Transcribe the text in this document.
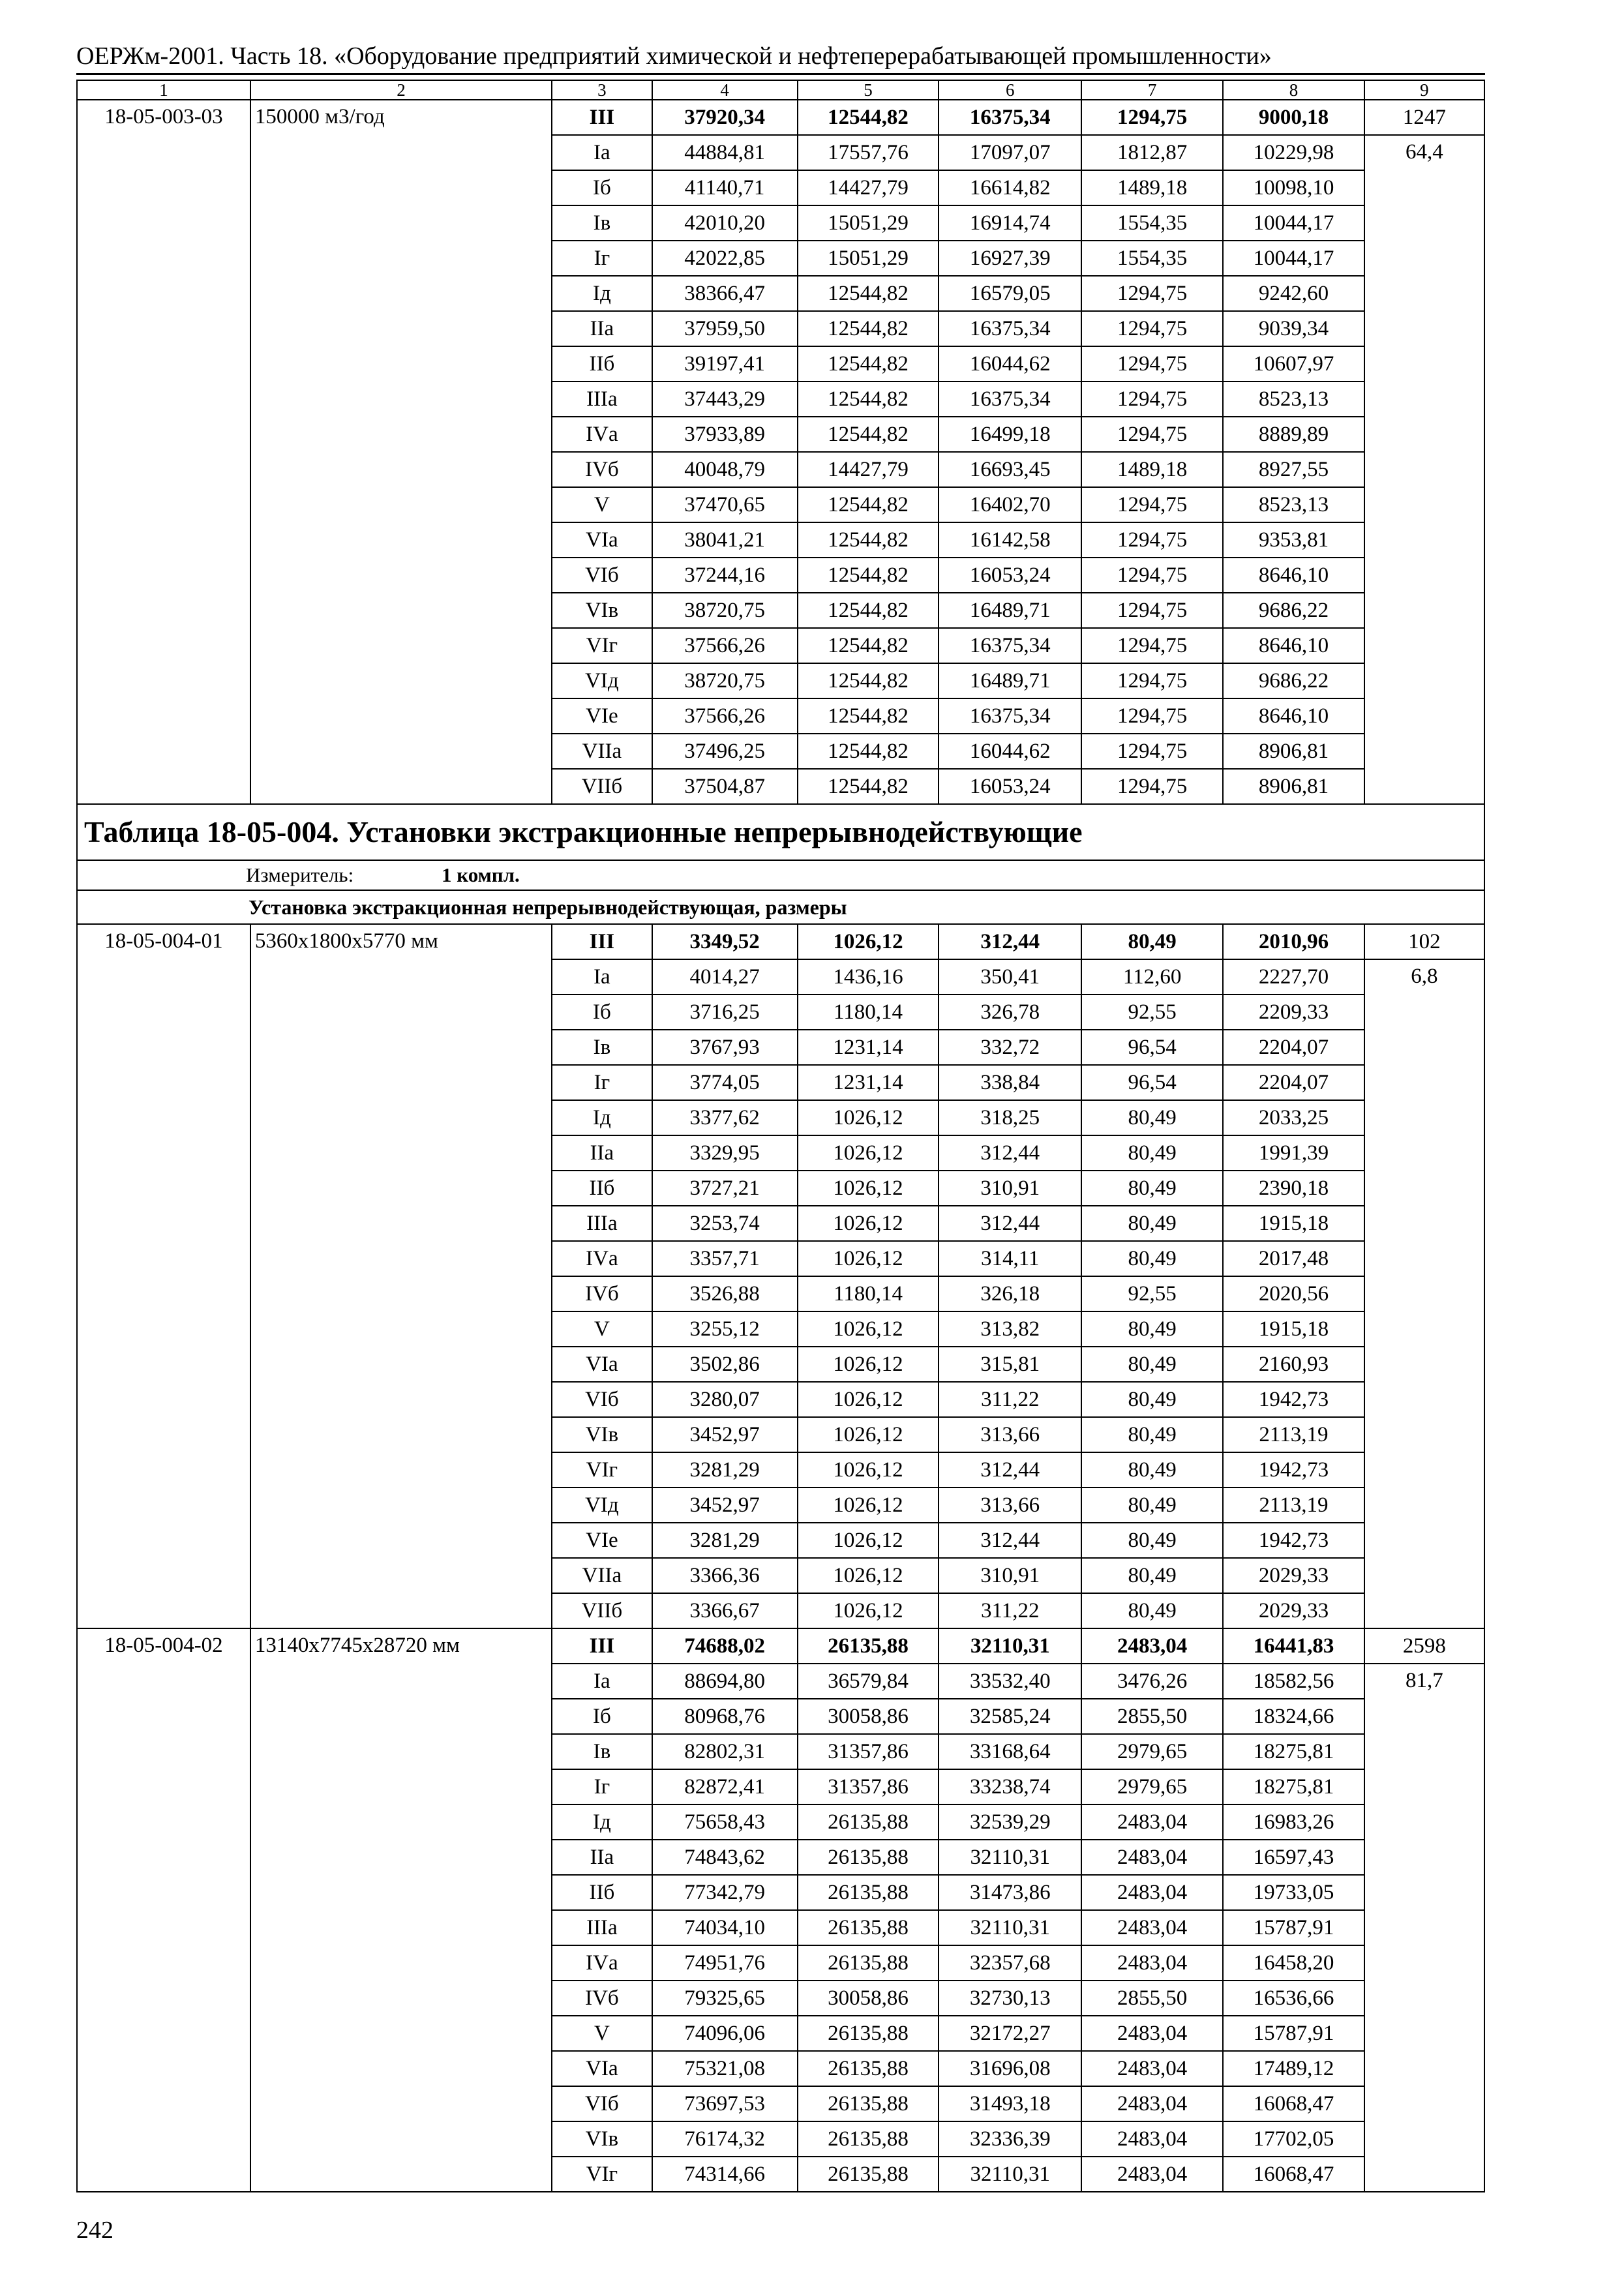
ОЕРЖм-2001. Часть 18. «Оборудование предприятий химической и нефтеперерабатывающей промышленности»
1	2	3	4	5	6	7	8	9
18-05-003-03	150000 м3/год	III	37920,34	12544,82	16375,34	1294,75	9000,18	1247
		Iа	44884,81	17557,76	17097,07	1812,87	10229,98	64,4
		Iб	41140,71	14427,79	16614,82	1489,18	10098,10	
		Iв	42010,20	15051,29	16914,74	1554,35	10044,17	
		Iг	42022,85	15051,29	16927,39	1554,35	10044,17	
		Iд	38366,47	12544,82	16579,05	1294,75	9242,60	
		IIа	37959,50	12544,82	16375,34	1294,75	9039,34	
		IIб	39197,41	12544,82	16044,62	1294,75	10607,97	
		IIIа	37443,29	12544,82	16375,34	1294,75	8523,13	
		IVа	37933,89	12544,82	16499,18	1294,75	8889,89	
		IVб	40048,79	14427,79	16693,45	1489,18	8927,55	
		V	37470,65	12544,82	16402,70	1294,75	8523,13	
		VIа	38041,21	12544,82	16142,58	1294,75	9353,81	
		VIб	37244,16	12544,82	16053,24	1294,75	8646,10	
		VIв	38720,75	12544,82	16489,71	1294,75	9686,22	
		VIг	37566,26	12544,82	16375,34	1294,75	8646,10	
		VIд	38720,75	12544,82	16489,71	1294,75	9686,22	
		VIе	37566,26	12544,82	16375,34	1294,75	8646,10	
		VIIа	37496,25	12544,82	16044,62	1294,75	8906,81	
		VIIб	37504,87	12544,82	16053,24	1294,75	8906,81	
Таблица 18-05-004. Установки экстракционные непрерывнодействующие								
Измеритель: 1 компл.								
Установка экстракционная непрерывнодействующая, размеры								
18-05-004-01	5360х1800х5770 мм	III	3349,52	1026,12	312,44	80,49	2010,96	102
		Iа	4014,27	1436,16	350,41	112,60	2227,70	6,8
		Iб	3716,25	1180,14	326,78	92,55	2209,33	
		Iв	3767,93	1231,14	332,72	96,54	2204,07	
		Iг	3774,05	1231,14	338,84	96,54	2204,07	
		Iд	3377,62	1026,12	318,25	80,49	2033,25	
		IIа	3329,95	1026,12	312,44	80,49	1991,39	
		IIб	3727,21	1026,12	310,91	80,49	2390,18	
		IIIа	3253,74	1026,12	312,44	80,49	1915,18	
		IVа	3357,71	1026,12	314,11	80,49	2017,48	
		IVб	3526,88	1180,14	326,18	92,55	2020,56	
		V	3255,12	1026,12	313,82	80,49	1915,18	
		VIа	3502,86	1026,12	315,81	80,49	2160,93	
		VIб	3280,07	1026,12	311,22	80,49	1942,73	
		VIв	3452,97	1026,12	313,66	80,49	2113,19	
		VIг	3281,29	1026,12	312,44	80,49	1942,73	
		VIд	3452,97	1026,12	313,66	80,49	2113,19	
		VIе	3281,29	1026,12	312,44	80,49	1942,73	
		VIIа	3366,36	1026,12	310,91	80,49	2029,33	
		VIIб	3366,67	1026,12	311,22	80,49	2029,33	
18-05-004-02	13140х7745х28720 мм	III	74688,02	26135,88	32110,31	2483,04	16441,83	2598
		Iа	88694,80	36579,84	33532,40	3476,26	18582,56	81,7
		Iб	80968,76	30058,86	32585,24	2855,50	18324,66	
		Iв	82802,31	31357,86	33168,64	2979,65	18275,81	
		Iг	82872,41	31357,86	33238,74	2979,65	18275,81	
		Iд	75658,43	26135,88	32539,29	2483,04	16983,26	
		IIа	74843,62	26135,88	32110,31	2483,04	16597,43	
		IIб	77342,79	26135,88	31473,86	2483,04	19733,05	
		IIIа	74034,10	26135,88	32110,31	2483,04	15787,91	
		IVа	74951,76	26135,88	32357,68	2483,04	16458,20	
		IVб	79325,65	30058,86	32730,13	2855,50	16536,66	
		V	74096,06	26135,88	32172,27	2483,04	15787,91	
		VIа	75321,08	26135,88	31696,08	2483,04	17489,12	
		VIб	73697,53	26135,88	31493,18	2483,04	16068,47	
		VIв	76174,32	26135,88	32336,39	2483,04	17702,05	
		VIг	74314,66	26135,88	32110,31	2483,04	16068,47	
242
